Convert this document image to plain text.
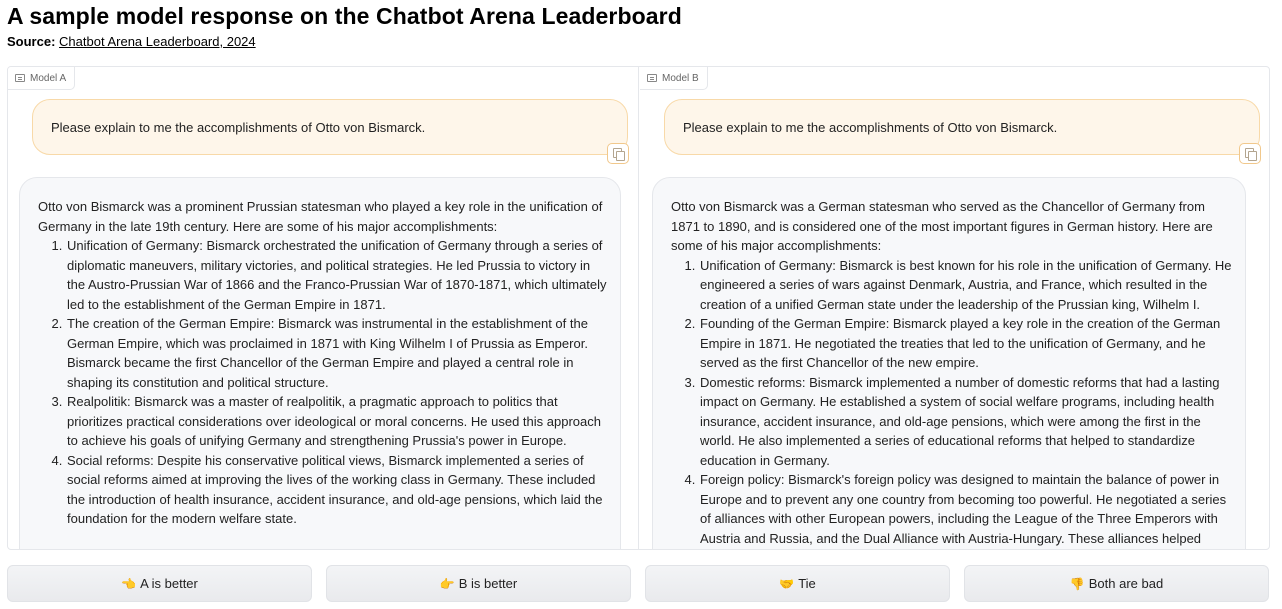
A sample model response on the Chatbot Arena Leaderboard
Source: Chatbot Arena Leaderboard, 2024
Model A
Please explain to me the accomplishments of Otto von Bismarck.

Otto von Bismarck was a prominent Prussian statesman who played a key role in the unification of Germany in the late 19th century. Here are some of his major accomplishments:

1. Unification of Germany: Bismarck orchestrated the unification of Germany through a series of diplomatic maneuvers, military victories, and political strategies. He led Prussia to victory in the Austro-Prussian War of 1866 and the Franco-Prussian War of 1870-1871, which ultimately led to the establishment of the German Empire in 1871.
2. The creation of the German Empire: Bismarck was instrumental in the establishment of the German Empire, which was proclaimed in 1871 with King Wilhelm I of Prussia as Emperor. Bismarck became the first Chancellor of the German Empire and played a central role in shaping its constitution and political structure.
3. Realpolitik: Bismarck was a master of realpolitik, a pragmatic approach to politics that prioritizes practical considerations over ideological or moral concerns. He used this approach to achieve his goals of unifying Germany and strengthening Prussia's power in Europe.
4. Social reforms: Despite his conservative political views, Bismarck implemented a series of social reforms aimed at improving the lives of the working class in Germany. These included the introduction of health insurance, accident insurance, and old-age pensions, which laid the foundation for the modern welfare state.
Model B
Please explain to me the accomplishments of Otto von Bismarck.

Otto von Bismarck was a German statesman who served as the Chancellor of Germany from 1871 to 1890, and is considered one of the most important figures in German history. Here are some of his major accomplishments:

1. Unification of Germany: Bismarck is best known for his role in the unification of Germany. He engineered a series of wars against Denmark, Austria, and France, which resulted in the creation of a unified German state under the leadership of the Prussian king, Wilhelm I.
2. Founding of the German Empire: Bismarck played a key role in the creation of the German Empire in 1871. He negotiated the treaties that led to the unification of Germany, and he served as the first Chancellor of the new empire.
3. Domestic reforms: Bismarck implemented a number of domestic reforms that had a lasting impact on Germany. He established a system of social welfare programs, including health insurance, accident insurance, and old-age pensions, which were among the first in the world. He also implemented a series of educational reforms that helped to standardize education in Germany.
4. Foreign policy: Bismarck's foreign policy was designed to maintain the balance of power in Europe and to prevent any one country from becoming too powerful. He negotiated a series of alliances with other European powers, including the League of the Three Emperors with Austria and Russia, and the Dual Alliance with Austria-Hungary. These alliances helped
👈 A is better	👉 B is better	🤝 Tie	👎 Both are bad
